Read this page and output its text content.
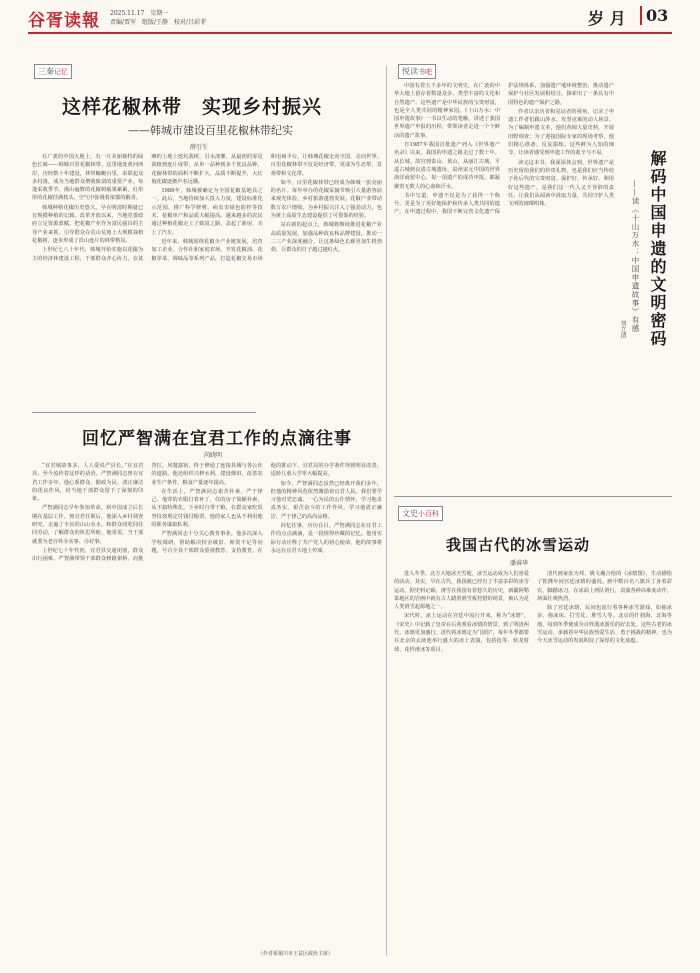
谷胥读報 2025.11.17　星期一
责编/贾军　组版/王静　校对/吕彩菲	岁 月	03
三秦记忆
这样花椒林带　实现乡村振兴
——韩城市建设百里花椒林带纪实
薛引生

在广袤的中国大地上，有一片美丽独特的绿色长廊——韩城百里花椒林带。这里地处黄河西岸，历经数十年建设，林带蜿蜒百里，串联起众多村落，成为当地群众增收致富的重要产业。每逢采收季节，漫山遍野的花椒树硕果累累，红彤彤的花椒挂满枝头，空气中弥漫着浓郁的椒香。

韩城种植花椒历史悠久，早在明清时期就已有规模种植的记载。改革开放以来，当地党委政府立足资源禀赋，把花椒产业作为富民强县的主导产业来抓，引导群众在荒山荒坡上大规模栽植花椒树，逐步形成了沿山连片的林带格局。

上世纪七八十年代，韩城开始实施以花椒为主的经济林建设工程，干部群众齐心协力，在贫瘠的土地上挖坑栽树，引水浇灌。从最初的零星栽植到连片成带，从单一品种到多个优良品种，花椒林带的面积不断扩大，品质不断提升，大红袍花椒逐渐声名远播。

1986年，韩城被确定为全国花椒基地县之一。此后，当地持续加大投入力度，建设标准化示范园，推广科学修剪、病虫害绿色防控等技术，花椒单产和品质大幅提高。越来越多的农民通过种植花椒走上了致富之路，盖起了新房，买上了汽车。

近年来，韩城围绕花椒全产业链发展，培育加工企业、合作社和家庭农场，开发花椒油、花椒芽菜、调味品等系列产品，打造花椒交易市场和电商平台，让韩城花椒走向全国、走向世界。百里花椒林带不仅是经济带，更成为生态带、景观带和文化带。

如今，百里花椒林带已经成为韩城一张亮丽的名片。每年举办的花椒采摘节吸引大量游客前来观光体验，乡村旅游蓬勃发展。花椒产业带动数万农户增收，为乡村振兴注入了强劲动力，也为黄土高原生态建设提供了可借鉴的经验。

站在新的起点上，韩城将继续推进花椒产业高质量发展，加强品种改良和品牌建设，推动一二三产业深度融合，让这条绿色长廊更加生机勃勃，让群众的日子越过越红火。

回忆严智满在宜君工作的点滴往事
尚晓明

“宜君城故事多，人人爱说严县长。”在宜君县，至今流传着这样的话语。严智满同志曾在宜君工作多年，他心系群众、勤政为民、清正廉洁的优良作风，给当地干部群众留下了深刻的印象。

严智满同志早年参加革命，新中国成立后长期在基层工作。到宜君任职后，他深入乡村调查研究，走遍了全县的山山水水，和群众同吃同住同劳动，了解群众的所思所盼。他常说，当干部就要为老百姓办实事、办好事。

上世纪七十年代初，宜君县交通闭塞，群众出行困难。严智满带领干部群众修路架桥，肩挑背扛，风餐露宿，终于修通了连接县城与各公社的道路。他还组织兴修水利，建设梯田，改善农业生产条件，粮食产量逐年提高。

在生活上，严智满同志艰苦朴素、严于律己。他穿的衣服打着补丁，住的房子简陋朴素，从不搞特殊化。下乡时自带干粮，在群众家吃饭坚持按规定付钱付粮票。他的家人也从不利用他的职务谋取私利。

严智满同志十分关心教育事业。他多次深入学校调研，帮助解决校舍破旧、师资不足等问题，号召全县干部群众重视教育、支持教育。在他的推动下，宜君县的办学条件得到明显改善，适龄儿童入学率大幅提高。

如今，严智满同志虽然已经离开我们多年，但他的精神风范依然激励着宜君人民。我们要学习他对党忠诚、一心为民的公仆情怀，学习他求真务实、艰苦奋斗的工作作风，学习他清正廉洁、严于律己的高尚品格。

回忆往事，历历在目。严智满同志在宜君工作的点点滴滴，是一段值得珍藏的记忆。他用实际行动诠释了共产党人的初心使命，他的故事将永远在宜君大地上传颂。

（作者系铜川市王益区政协主席）
悦读书吧

中国有着五千多年的文明史，在广袤的中华大地上留存着数量众多、类型丰富的文化和自然遗产。这些遗产是中华民族的宝贵财富，也是全人类共同的精神家园。《十山万水：中国申遗故事》一书以生动的笔触，讲述了我国世界遗产申报的历程，带领读者走进一个个鲜活的遗产故事。

自1987年我国首批遗产列入《世界遗产名录》以来，我国的申遗之路走过了数十年。从长城、故宫到泰山、黄山，从丽江古城、平遥古城到良渚古城遗址、泉州宋元中国的世界海洋商贸中心，每一项遗产的成功申报，都凝聚着无数人的心血和汗水。

书中写道，申遗不仅是为了获得一个称号，更是为了更好地保护和传承人类共同的遗产。在申遗过程中，我国不断完善文化遗产保护法规体系，加强遗产地环境整治，推动遗产保护与社区发展相结合，探索出了一条具有中国特色的遗产保护之路。

作者以亲历者和见证者的视角，记录了申遗工作者们跋山涉水、攻坚克难的动人场景。为了编制申遗文本，他们查阅大量史料，开展田野调查；为了迎接国际专家的现场考察，他们精心准备、反复演练。这些鲜为人知的细节，让读者感受到申遗工作的艰辛与不易。

读完这本书，我深深体会到，世界遗产是历史留给我们的珍贵礼物，也是我们应当传给子孙后代的宝贵财富。保护好、传承好、利用好这些遗产，是我们这一代人义不容辞的责任。让我们从阅读中汲取力量，共同守护人类文明的璀璨明珠。	解码中国申遗的文明密码
——读《十山万水：中国申遗故事》有感
刘立清
文史小百科
我国古代的冰雪运动
潘睿华

进入冬季，北方大地冰天雪地，冰雪运动成为人们喜爱的活动。其实，早在古代，我国就已经有了丰富多彩的冰雪运动。据史料记载，滑雪在我国有着悠久的历史，新疆阿勒泰地区的岩画中就有古人踏着滑雪板狩猎的场景，被认为是人类滑雪起源地之一。

宋代时，冰上运动在宫廷中流行开来，称为“冰嬉”。《宋史》中记载了皇帝在后苑观看冰嬉的情景。到了明清两代，冰嬉更加盛行。清代将冰嬉定为“国俗”，每年冬季都要在北京的太液池举行盛大的冰上表演，包括抢等、转龙射球、花样滑冰等项目。

清代画家张为邦、姚文瀚合绘的《冰嬉图》，生动描绘了乾隆年间宫廷冰嬉的盛况。画中数百名八旗兵丁身着彩衣，脚踏冰刀，在冰面上列队滑行，表演各种高难度动作，场面壮观热烈。

除了宫廷冰嬉，民间也流行着各种冰雪游戏，如抽冰尜、拖冰床、打雪仗、堆雪人等。北京的什刹海、北海等地，每到冬季便成为百姓溜冰游乐的好去处。这些古老的冰雪运动，承载着中华民族热爱生活、勇于挑战的精神，也为今天冰雪运动的发展积淀了深厚的文化底蕴。
